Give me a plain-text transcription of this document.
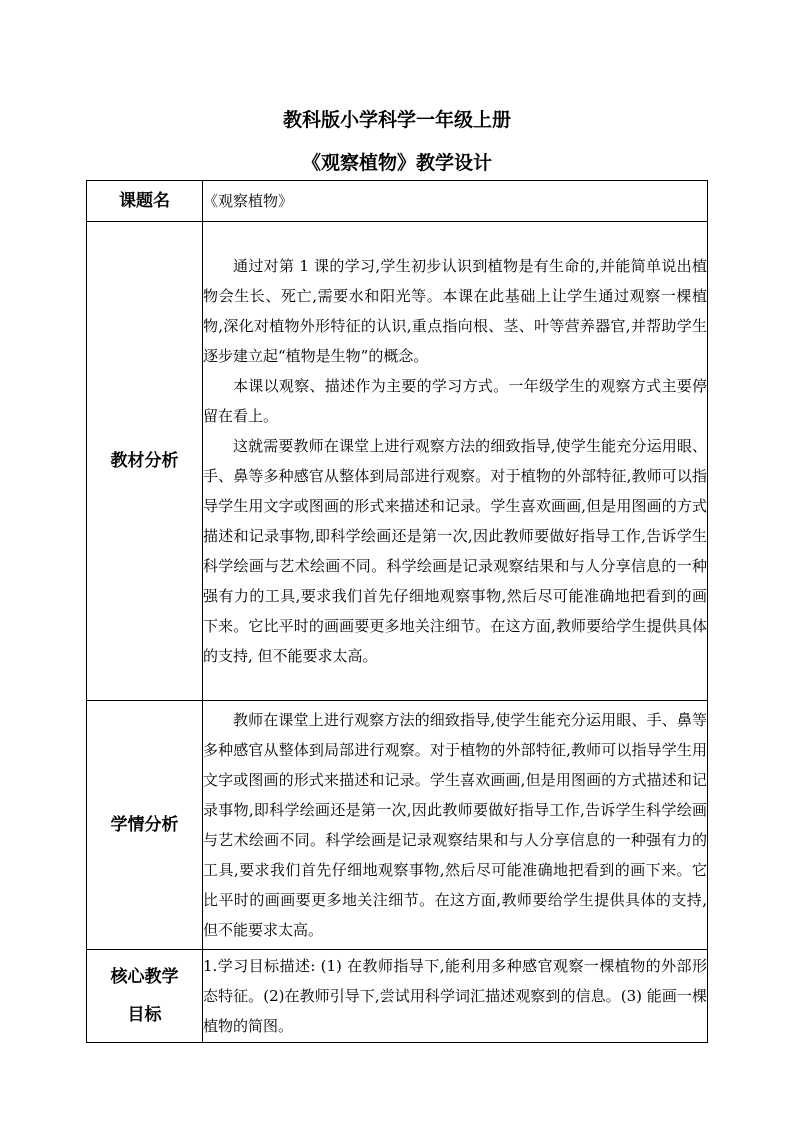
教科版小学科学一年级上册
《观察植物》教学设计
课题名	《观察植物》
教材分析	通过对第 1 课的学习,学生初步认识到植物是有生命的,并能简单说出植物会生长、死亡,需要水和阳光等。本课在此基础上让学生通过观察一棵植物,深化对植物外形特征的认识,重点指向根、茎、叶等营养器官,并帮助学生逐步建立起“植物是生物”的概念。

本课以观察、描述作为主要的学习方式。一年级学生的观察方式主要停留在看上。

这就需要教师在课堂上进行观察方法的细致指导,使学生能充分运用眼、手、鼻等多种感官从整体到局部进行观察。对于植物的外部特征,教师可以指导学生用文字或图画的形式来描述和记录。学生喜欢画画,但是用图画的方式描述和记录事物,即科学绘画还是第一次,因此教师要做好指导工作,告诉学生科学绘画与艺术绘画不同。科学绘画是记录观察结果和与人分享信息的一种强有力的工具,要求我们首先仔细地观察事物,然后尽可能准确地把看到的画下来。它比平时的画画要更多地关注细节。在这方面,教师要给学生提供具体的支持, 但不能要求太高。

学情分析	教师在课堂上进行观察方法的细致指导,使学生能充分运用眼、手、鼻等多种感官从整体到局部进行观察。对于植物的外部特征,教师可以指导学生用文字或图画的形式来描述和记录。学生喜欢画画,但是用图画的方式描述和记录事物,即科学绘画还是第一次,因此教师要做好指导工作,告诉学生科学绘画与艺术绘画不同。科学绘画是记录观察结果和与人分享信息的一种强有力的工具,要求我们首先仔细地观察事物,然后尽可能准确地把看到的画下来。它比平时的画画要更多地关注细节。在这方面,教师要给学生提供具体的支持, 但不能要求太高。

核心教学
目标	1.学习目标描述: (1) 在教师指导下,能利用多种感官观察一棵植物的外部形态特征。(2)在教师引导下,尝试用科学词汇描述观察到的信息。(3) 能画一棵植物的简图。
